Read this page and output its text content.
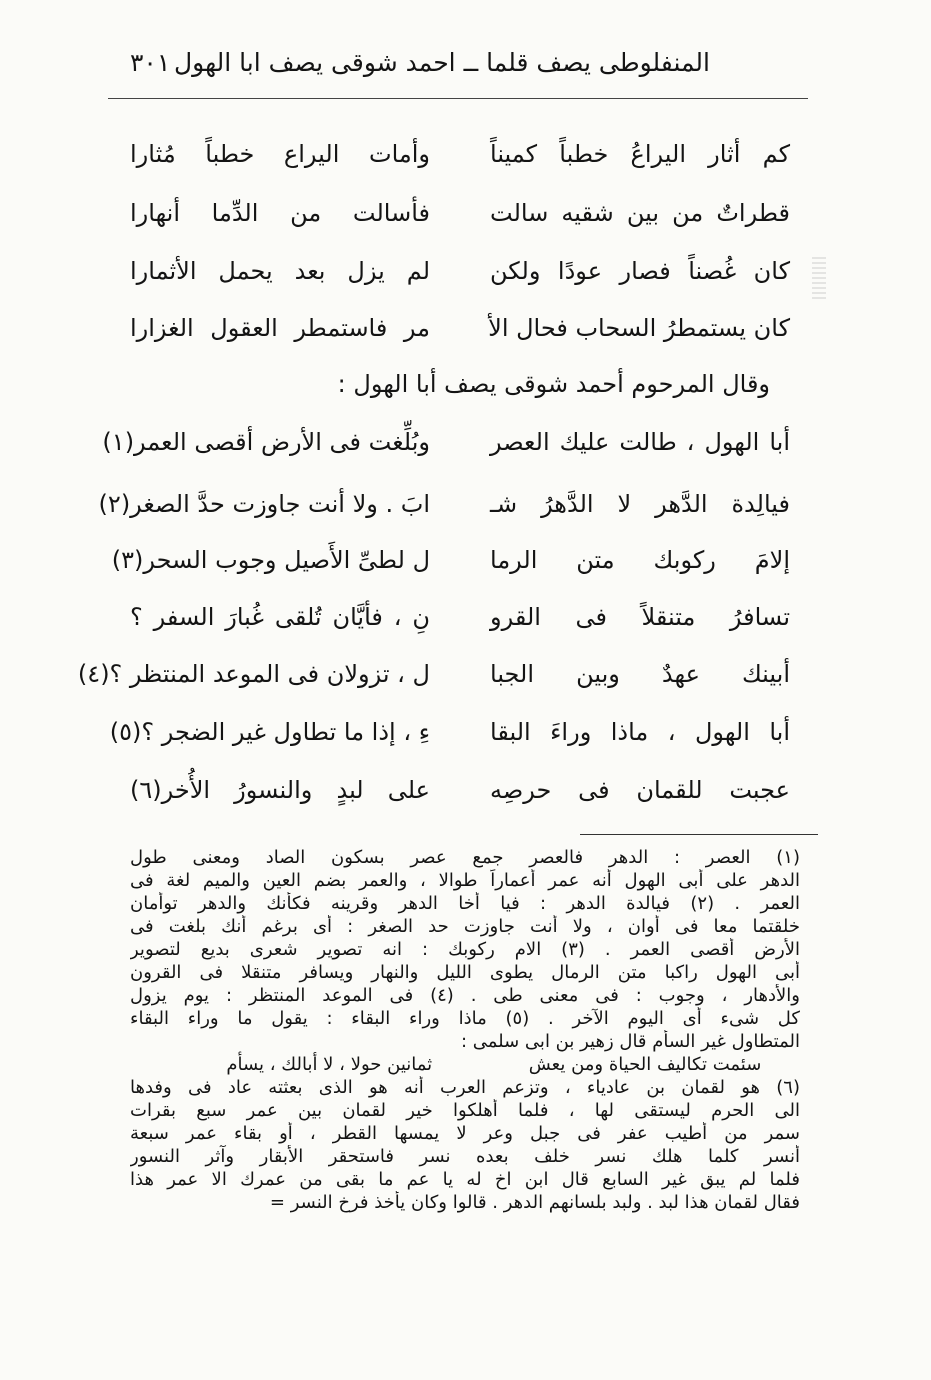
المنفلوطى يصف قلما ــ احمد شوقى يصف ابا الهول
٣٠١
كم أثار اليراعُ خطباً كميناً
وأمات اليراع خطباً مُثارا
قطراتٌ من بين شقيه سالت
فأسالت من الدِّما أنهارا
كان غُصناً فصار عودًا ولكن
لم يزل بعد يحمل الأثمارا
كان يستمطرُ السحاب فحال الأ
مر فاستمطر العقول الغزارا
وقال المرحوم أحمد شوقى يصف أبا الهول :
أبا الهول ، طالت عليك العصر
وبُلِّغت فى الأرض أقصى العمر(١)
فيالِدة الدَّهر لا الدَّهرُ شـ
ابَ . ولا أنت جاوزت حدَّ الصغر(٢)
إلامَ ركوبك متن الرما
ل لطىِّ الأَصيل وجوب السحر(٣)
تسافرُ متنقلاً فى القرو
نِ ، فأيَّان تُلقى غُبارَ السفر ؟
أبينك عهدٌ وبين الجبا
ل ، تزولان فى الموعد المنتظر ؟(٤)
أبا الهول ، ماذا وراءَ البقا
ءِ ، إذا ما تطاول غير الضجر ؟(٥)
عجبت للقمان فى حرصِه
على لبدٍ والنسورُ الأُخر(٦)
(١) العصر : الدهر فالعصر جمع عصر بسكون الصاد ومعنى طول
الدهر على أبى الهول أنه عمر أعماراً طوالا ، والعمر بضم العين والميم لغة فى
العمر . (٢) فيالدة الدهر : فيا أخا الدهر وقرينه فكأنك والدهر توأمان
خلقتما معا فى أوان ، ولا أنت جاوزت حد الصغر : أى برغم أنك بلغت فى
الأرض أقصى العمر . (٣) الام ركوبك : انه تصوير شعرى بديع لتصوير
أبى الهول راكبا متن الرمال يطوى الليل والنهار ويسافر متنقلا فى القرون
والأدهار ، وجوب : فى معنى طى . (٤) فى الموعد المنتظر : يوم يزول
كل شىء أى اليوم الآخر . (٥) ماذا وراء البقاء : يقول ما وراء البقاء
المتطاول غير السأم قال زهير بن ابى سلمى :
سئمت تكاليف الحياة ومن يعش ثمانين حولا ، لا أبالك ، يسأم
(٦) هو لقمان بن عادياء ، وتزعم العرب أنه هو الذى بعثته عاد فى وفدها
الى الحرم ليستقى لها ، فلما أهلكوا خير لقمان بين عمر سبع بقرات
سمر من أطيب عفر فى جبل وعر لا يمسها القطر ، أو بقاء عمر سبعة
أنسر كلما هلك نسر خلف بعده نسر فاستحقر الأبقار وآثر النسور
فلما لم يبق غير السابع قال ابن اخ له يا عم ما بقى من عمرك الا عمر هذا
فقال لقمان هذا لبد . ولبد بلسانهم الدهر . قالوا وكان يأخذ فرخ النسر =
